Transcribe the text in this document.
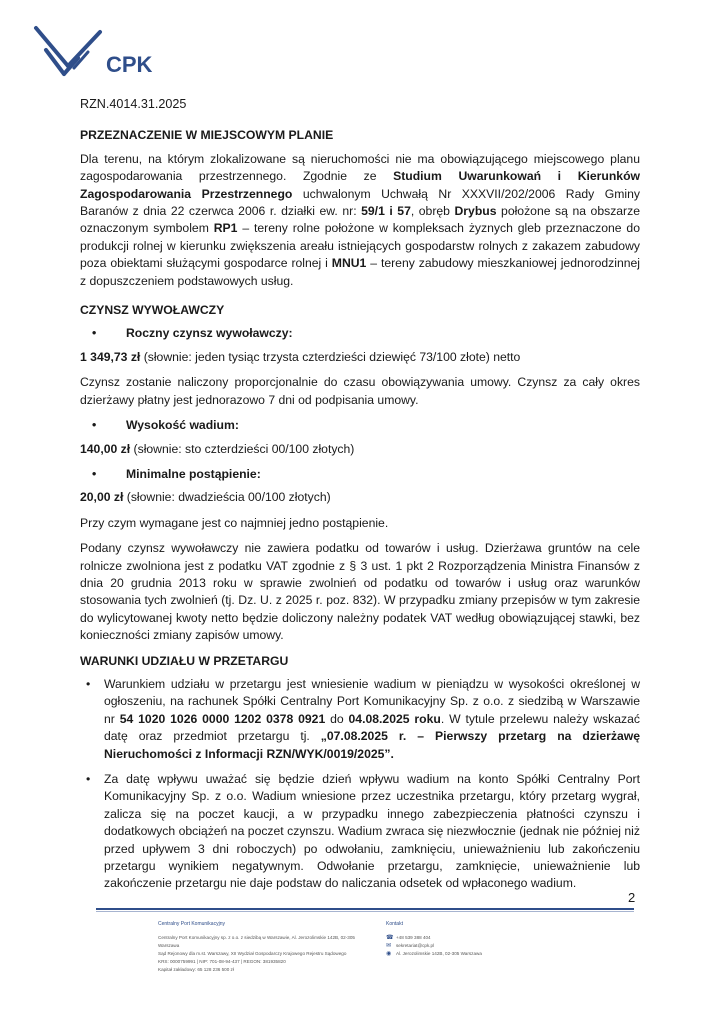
CPK
RZN.4014.31.2025
PRZEZNACZENIE W MIEJSCOWYM PLANIE

Dla terenu, na którym zlokalizowane są nieruchomości nie ma obowiązującego miejscowego planu zagospodarowania przestrzennego. Zgodnie ze Studium Uwarunkowań i Kierunków Zagospodarowania Przestrzennego uchwalonym Uchwałą Nr XXXVII/202/2006 Rady Gminy Baranów z dnia 22 czerwca 2006 r. działki ew. nr: 59/1 i 57, obręb Drybus położone są na obszarze oznaczonym symbolem RP1 – tereny rolne położone w kompleksach żyznych gleb przeznaczone do produkcji rolnej w kierunku zwiększenia areału istniejących gospodarstw rolnych z zakazem zabudowy poza obiektami służącymi gospodarce rolnej i MNU1 – tereny zabudowy mieszkaniowej jednorodzinnej z dopuszczeniem podstawowych usług.

CZYNSZ WYWOŁAWCZY
• Roczny czynsz wywoławczy:
1 349,73 zł (słownie: jeden tysiąc trzysta czterdzieści dziewięć 73/100 złote) netto

Czynsz zostanie naliczony proporcjonalnie do czasu obowiązywania umowy. Czynsz za cały okres dzierżawy płatny jest jednorazowo 7 dni od podpisania umowy.

• Wysokość wadium:
140,00 zł (słownie: sto czterdzieści 00/100 złotych)
• Minimalne postąpienie:
20,00 zł (słownie: dwadzieścia 00/100 złotych)

Przy czym wymagane jest co najmniej jedno postąpienie.

Podany czynsz wywoławczy nie zawiera podatku od towarów i usług. Dzierżawa gruntów na cele rolnicze zwolniona jest z podatku VAT zgodnie z § 3 ust. 1 pkt 2 Rozporządzenia Ministra Finansów z dnia 20 grudnia 2013 roku w sprawie zwolnień od podatku od towarów i usług oraz warunków stosowania tych zwolnień (tj. Dz. U. z 2025 r. poz. 832). W przypadku zmiany przepisów w tym zakresie do wylicytowanej kwoty netto będzie doliczony należny podatek VAT według obowiązującej stawki, bez konieczności zmiany zapisów umowy.

WARUNKI UDZIAŁU W PRZETARGU
• Warunkiem udziału w przetargu jest wniesienie wadium w pieniądzu w wysokości określonej w ogłoszeniu, na rachunek Spółki Centralny Port Komunikacyjny Sp. z o.o. z siedzibą w Warszawie nr 54 1020 1026 0000 1202 0378 0921 do 04.08.2025 roku. W tytule przelewu należy wskazać datę oraz przedmiot przetargu tj. „07.08.2025 r. – Pierwszy przetarg na dzierżawę Nieruchomości z Informacji RZN/WYK/0019/2025”.
• Za datę wpływu uważać się będzie dzień wpływu wadium na konto Spółki Centralny Port Komunikacyjny Sp. z o.o. Wadium wniesione przez uczestnika przetargu, który przetarg wygrał, zalicza się na poczet kaucji, a w przypadku innego zabezpieczenia płatności czynszu i dodatkowych obciążeń na poczet czynszu. Wadium zwraca się niezwłocznie (jednak nie później niż przed upływem 3 dni roboczych) po odwołaniu, zamknięciu, unieważnieniu lub zakończeniu przetargu wynikiem negatywnym. Odwołanie przetargu, zamknięcie, unieważnienie lub zakończenie przetargu nie daje podstaw do naliczania odsetek od wpłaconego wadium.
2
Centralny Port Komunikacyjny
Centralny Port Komunikacyjny sp. z o.o. z siedzibą w Warszawie, Al. Jerozolimskie 142B, 02-305 Warszawa
Sąd Rejonowy dla m.st. Warszawy, XII Wydział Gospodarczy Krajowego Rejestru Sądowego
KRS: 0000759991 | NIP: 701-08-94-437 | REGON: 381935820
Kapitał zakładowy: 65 128 236 500 zł
Kontakt
☎ +48 539 388 404
✉ sekretariat@cpk.pl
◉ Al. Jerozolimskie 142B, 02-305 Warszawa
